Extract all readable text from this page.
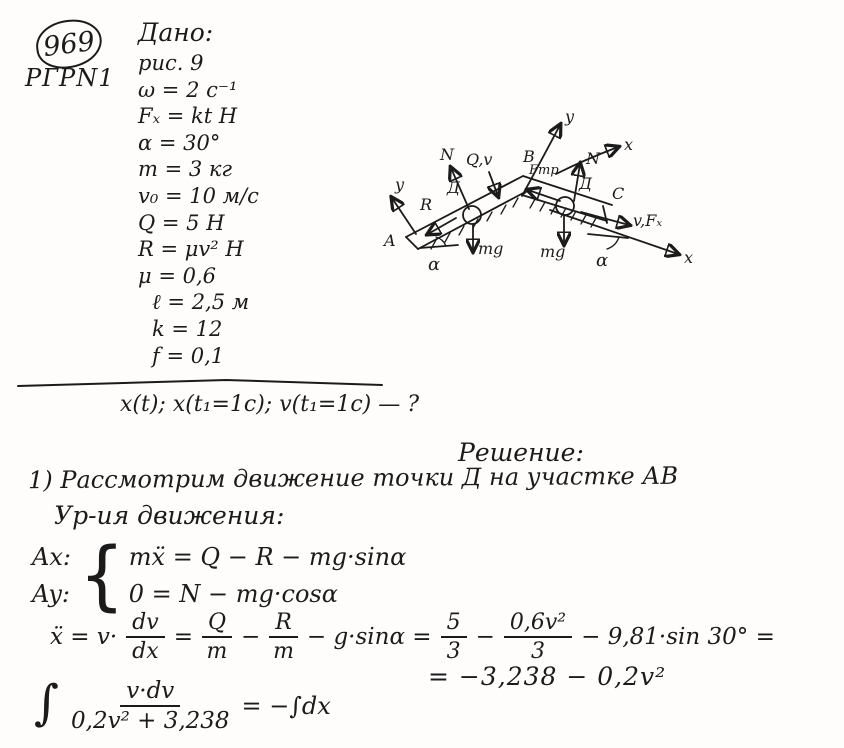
969
РГРN1
Дано:
рис. 9
ω = 2 с⁻¹
Fₓ = kt Н
α = 30°
m = 3 кг
v₀ = 10 м/с
Q = 5 Н
R = μv² Н
μ = 0,6
ℓ = 2,5 м
k = 12
f = 0,1
x(t); x(t₁=1c); v(t₁=1c) — ?
y
y
x
x
A
B
C
Д	Д
N Q,v
R
mg
Fтр
N
mg
v,Fₓ
α	α
Решение:
1) Рассмотрим движение точки Д на участке АВ
Ур-ия движения:
Ax:
Ay: { mẍ = Q − R − mg·sinα
0 = N − mg·cosα
ẍ = $v\cdot \frac{dv}{dx} = \frac{Q}{m} - \frac{R}{m} - g\cdot\sin\alpha = \frac{5}{3} - \frac{\text{0,6v²}}{3} - 9,81\cdot\sin$ 30° =
= −3,238 − 0,2v²
∫ $\frac{v\cdot dv}{\text{0,2v² + 3,238}} = -\int dx$
